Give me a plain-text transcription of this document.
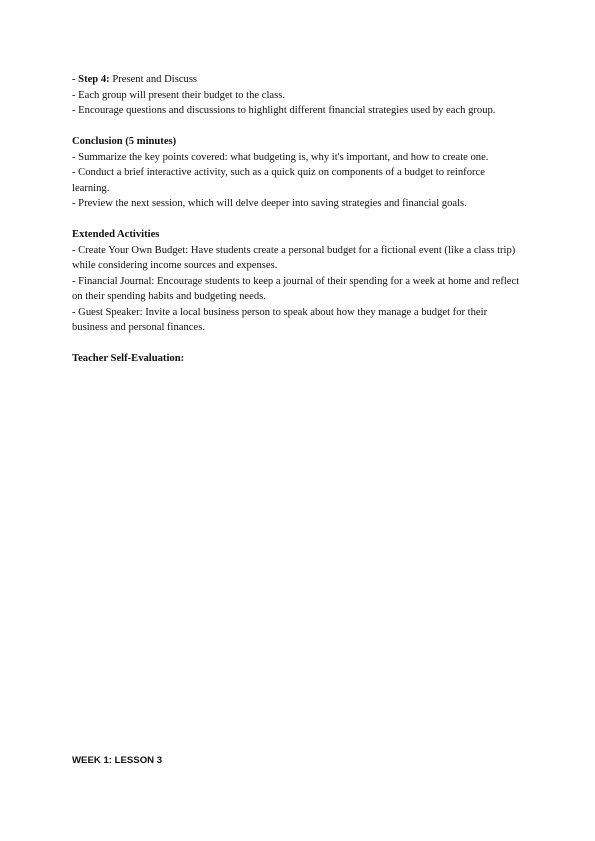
- Step 4: Present and Discuss

- Each group will present their budget to the class.

- Encourage questions and discussions to highlight different financial strategies used by each group.

Conclusion (5 minutes)

- Summarize the key points covered: what budgeting is, why it's important, and how to create one.

- Conduct a brief interactive activity, such as a quick quiz on components of a budget to reinforce learning.

- Preview the next session, which will delve deeper into saving strategies and financial goals.

Extended Activities

- Create Your Own Budget: Have students create a personal budget for a fictional event (like a class trip) while considering income sources and expenses.

- Financial Journal: Encourage students to keep a journal of their spending for a week at home and reflect on their spending habits and budgeting needs.

- Guest Speaker: Invite a local business person to speak about how they manage a budget for their business and personal finances.

Teacher Self-Evaluation:

WEEK 1: LESSON 3
